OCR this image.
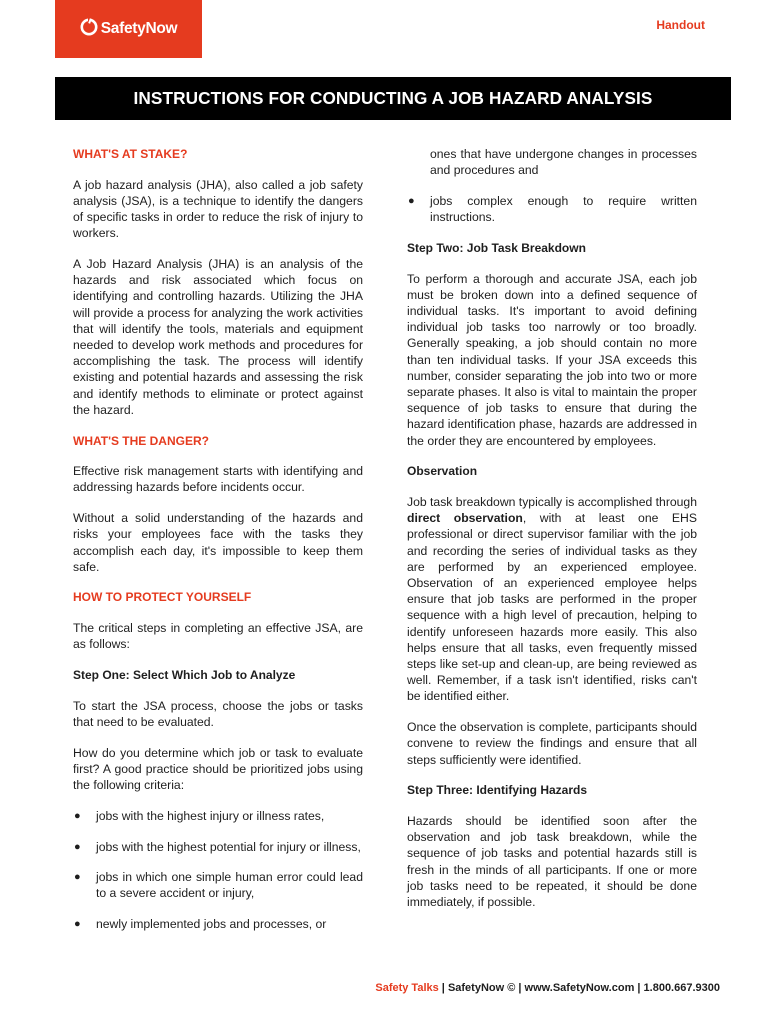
SafetyNow	Handout
INSTRUCTIONS FOR CONDUCTING A JOB HAZARD ANALYSIS
WHAT'S AT STAKE?

A job hazard analysis (JHA), also called a job safety analysis (JSA), is a technique to identify the dangers of specific tasks in order to reduce the risk of injury to workers.

A Job Hazard Analysis (JHA) is an analysis of the hazards and risk associated which focus on identifying and controlling hazards. Utilizing the JHA will provide a process for analyzing the work activities that will identify the tools, materials and equipment needed to develop work methods and procedures for accomplishing the task. The process will identify existing and potential hazards and assessing the risk and identify methods to eliminate or protect against the hazard.

WHAT'S THE DANGER?

Effective risk management starts with identifying and addressing hazards before incidents occur.

Without a solid understanding of the hazards and risks your employees face with the tasks they accomplish each day, it's impossible to keep them safe.

HOW TO PROTECT YOURSELF

The critical steps in completing an effective JSA, are as follows:

Step One: Select Which Job to Analyze

To start the JSA process, choose the jobs or tasks that need to be evaluated.

How do you determine which job or task to evaluate first? A good practice should be prioritized jobs using the following criteria:

● jobs with the highest injury or illness rates,
● jobs with the highest potential for injury or illness,
● jobs in which one simple human error could lead to a severe accident or injury,
● newly implemented jobs and processes, or
ones that have undergone changes in processes and procedures and
● jobs complex enough to require written instructions.
Step Two: Job Task Breakdown

To perform a thorough and accurate JSA, each job must be broken down into a defined sequence of individual tasks. It's important to avoid defining individual job tasks too narrowly or too broadly. Generally speaking, a job should contain no more than ten individual tasks. If your JSA exceeds this number, consider separating the job into two or more separate phases. It also is vital to maintain the proper sequence of job tasks to ensure that during the hazard identification phase, hazards are addressed in the order they are encountered by employees.

Observation

Job task breakdown typically is accomplished through direct observation, with at least one EHS professional or direct supervisor familiar with the job and recording the series of individual tasks as they are performed by an experienced employee. Observation of an experienced employee helps ensure that job tasks are performed in the proper sequence with a high level of precaution, helping to identify unforeseen hazards more easily. This also helps ensure that all tasks, even frequently missed steps like set-up and clean-up, are being reviewed as well. Remember, if a task isn't identified, risks can't be identified either.

Once the observation is complete, participants should convene to review the findings and ensure that all steps sufficiently were identified.

Step Three: Identifying Hazards

Hazards should be identified soon after the observation and job task breakdown, while the sequence of job tasks and potential hazards still is fresh in the minds of all participants. If one or more job tasks need to be repeated, it should be done immediately, if possible.

Safety Talks | SafetyNow © | www.SafetyNow.com | 1.800.667.9300
